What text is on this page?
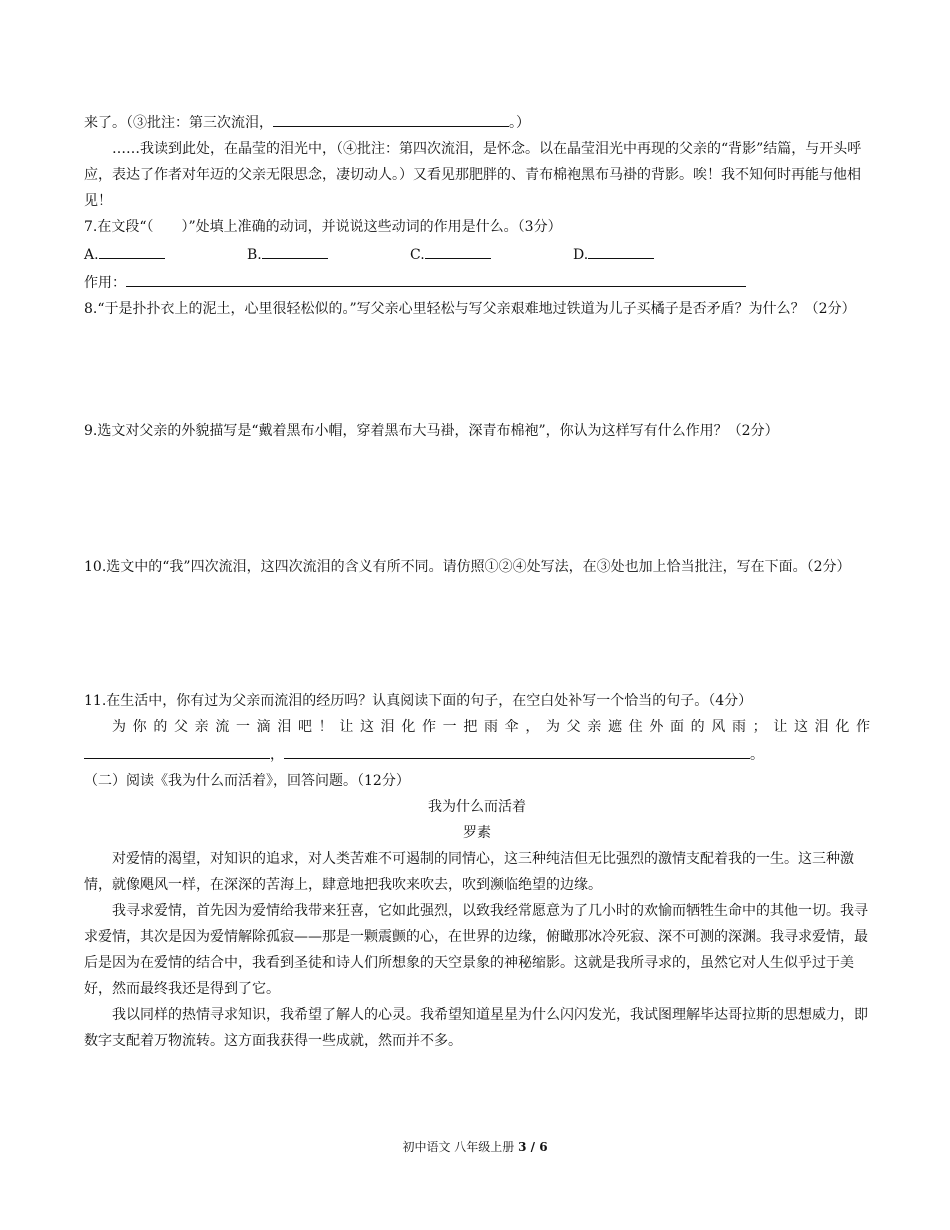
来了。（③批注：第三次流泪，	。）

……我读到此处，在晶莹的泪光中，（④批注：第四次流泪，是怀念。以在晶莹泪光中再现的父亲的“背影”结篇，与开头呼应，表达了作者对年迈的父亲无限思念，凄切动人。）又看见那肥胖的、青布棉袍黑布马褂的背影。唉！我不知何时再能与他相见！

7.在文段“（　　）”处填上准确的动词，并说说这些动词的作用是什么。（3分）

A.	B.	C.	D.

作用：

8.“于是扑扑衣上的泥土，心里很轻松似的。”写父亲心里轻松与写父亲艰难地过铁道为儿子买橘子是否矛盾？为什么？（2分）

9.选文对父亲的外貌描写是“戴着黑布小帽，穿着黑布大马褂，深青布棉袍”，你认为这样写有什么作用？（2分）

10.选文中的“我”四次流泪，这四次流泪的含义有所不同。请仿照①②④处写法，在③处也加上恰当批注，写在下面。（2分）

11.在生活中，你有过为父亲而流泪的经历吗？认真阅读下面的句子，在空白处补写一个恰当的句子。（4分）

为你的父亲流一滴泪吧！让这泪化作一把雨伞，为父亲遮住外面的风雨；让这泪化作

，	。

（二）阅读《我为什么而活着》，回答问题。（12分）

我为什么而活着

罗素

对爱情的渴望，对知识的追求，对人类苦难不可遏制的同情心，这三种纯洁但无比强烈的激情支配着我的一生。这三种激情，就像飓风一样，在深深的苦海上，肆意地把我吹来吹去，吹到濒临绝望的边缘。

我寻求爱情，首先因为爱情给我带来狂喜，它如此强烈，以致我经常愿意为了几小时的欢愉而牺牲生命中的其他一切。我寻求爱情，其次是因为爱情解除孤寂——那是一颗震颤的心，在世界的边缘，俯瞰那冰冷死寂、深不可测的深渊。我寻求爱情，最后是因为在爱情的结合中，我看到圣徒和诗人们所想象的天空景象的神秘缩影。这就是我所寻求的，虽然它对人生似乎过于美好，然而最终我还是得到了它。

我以同样的热情寻求知识，我希望了解人的心灵。我希望知道星星为什么闪闪发光，我试图理解毕达哥拉斯的思想威力，即数字支配着万物流转。这方面我获得一些成就，然而并不多。

初中语文 八年级上册 3 / 6
